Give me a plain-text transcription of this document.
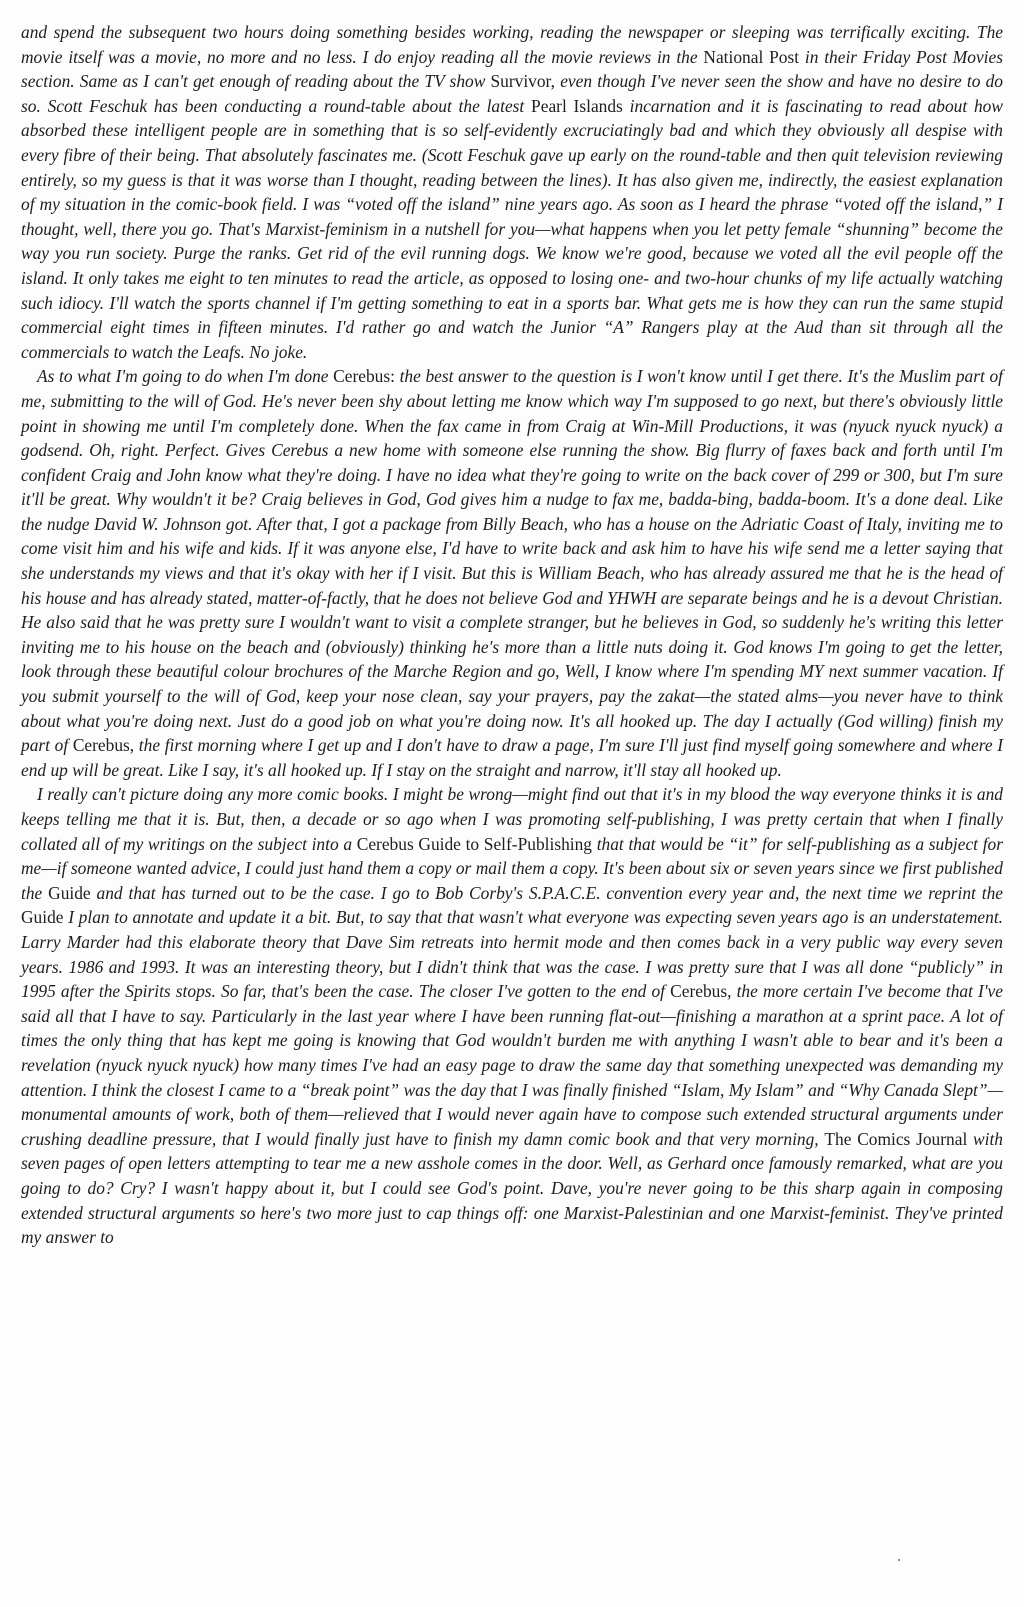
and spend the subsequent two hours doing something besides working, reading the newspaper or sleeping was terrifically exciting. The movie itself was a movie, no more and no less. I do enjoy reading all the movie reviews in the National Post in their Friday Post Movies section. Same as I can't get enough of reading about the TV show Survivor, even though I've never seen the show and have no desire to do so. Scott Feschuk has been conducting a round-table about the latest Pearl Islands incarnation and it is fascinating to read about how absorbed these intelligent people are in something that is so self-evidently excruciatingly bad and which they obviously all despise with every fibre of their being. That absolutely fascinates me. (Scott Feschuk gave up early on the round-table and then quit television reviewing entirely, so my guess is that it was worse than I thought, reading between the lines). It has also given me, indirectly, the easiest explanation of my situation in the comic-book field. I was “voted off the island” nine years ago. As soon as I heard the phrase “voted off the island,” I thought, well, there you go. That's Marxist-feminism in a nutshell for you—what happens when you let petty female “shunning” become the way you run society. Purge the ranks. Get rid of the evil running dogs. We know we're good, because we voted all the evil people off the island. It only takes me eight to ten minutes to read the article, as opposed to losing one- and two-hour chunks of my life actually watching such idiocy. I'll watch the sports channel if I'm getting something to eat in a sports bar. What gets me is how they can run the same stupid commercial eight times in fifteen minutes. I'd rather go and watch the Junior “A” Rangers play at the Aud than sit through all the commercials to watch the Leafs. No joke.

As to what I'm going to do when I'm done Cerebus: the best answer to the question is I won't know until I get there. It's the Muslim part of me, submitting to the will of God. He's never been shy about letting me know which way I'm supposed to go next, but there's obviously little point in showing me until I'm completely done. When the fax came in from Craig at Win-Mill Productions, it was (nyuck nyuck nyuck) a godsend. Oh, right. Perfect. Gives Cerebus a new home with someone else running the show. Big flurry of faxes back and forth until I'm confident Craig and John know what they're doing. I have no idea what they're going to write on the back cover of 299 or 300, but I'm sure it'll be great. Why wouldn't it be? Craig believes in God, God gives him a nudge to fax me, badda-bing, badda-boom. It's a done deal. Like the nudge David W. Johnson got. After that, I got a package from Billy Beach, who has a house on the Adriatic Coast of Italy, inviting me to come visit him and his wife and kids. If it was anyone else, I'd have to write back and ask him to have his wife send me a letter saying that she understands my views and that it's okay with her if I visit. But this is William Beach, who has already assured me that he is the head of his house and has already stated, matter-of-factly, that he does not believe God and YHWH are separate beings and he is a devout Christian. He also said that he was pretty sure I wouldn't want to visit a complete stranger, but he believes in God, so suddenly he's writing this letter inviting me to his house on the beach and (obviously) thinking he's more than a little nuts doing it. God knows I'm going to get the letter, look through these beautiful colour brochures of the Marche Region and go, Well, I know where I'm spending MY next summer vacation. If you submit yourself to the will of God, keep your nose clean, say your prayers, pay the zakat—the stated alms—you never have to think about what you're doing next. Just do a good job on what you're doing now. It's all hooked up. The day I actually (God willing) finish my part of Cerebus, the first morning where I get up and I don't have to draw a page, I'm sure I'll just find myself going somewhere and where I end up will be great. Like I say, it's all hooked up. If I stay on the straight and narrow, it'll stay all hooked up.

I really can't picture doing any more comic books. I might be wrong—might find out that it's in my blood the way everyone thinks it is and keeps telling me that it is. But, then, a decade or so ago when I was promoting self-publishing, I was pretty certain that when I finally collated all of my writings on the subject into a Cerebus Guide to Self-Publishing that that would be “it” for self-publishing as a subject for me—if someone wanted advice, I could just hand them a copy or mail them a copy. It's been about six or seven years since we first published the Guide and that has turned out to be the case. I go to Bob Corby's S.P.A.C.E. convention every year and, the next time we reprint the Guide I plan to annotate and update it a bit. But, to say that that wasn't what everyone was expecting seven years ago is an understatement. Larry Marder had this elaborate theory that Dave Sim retreats into hermit mode and then comes back in a very public way every seven years. 1986 and 1993. It was an interesting theory, but I didn't think that was the case. I was pretty sure that I was all done “publicly” in 1995 after the Spirits stops. So far, that's been the case. The closer I've gotten to the end of Cerebus, the more certain I've become that I've said all that I have to say. Particularly in the last year where I have been running flat-out—finishing a marathon at a sprint pace. A lot of times the only thing that has kept me going is knowing that God wouldn't burden me with anything I wasn't able to bear and it's been a revelation (nyuck nyuck nyuck) how many times I've had an easy page to draw the same day that something unexpected was demanding my attention. I think the closest I came to a “break point” was the day that I was finally finished “Islam, My Islam” and “Why Canada Slept”—monumental amounts of work, both of them—relieved that I would never again have to compose such extended structural arguments under crushing deadline pressure, that I would finally just have to finish my damn comic book and that very morning, The Comics Journal with seven pages of open letters attempting to tear me a new asshole comes in the door. Well, as Gerhard once famously remarked, what are you going to do? Cry? I wasn't happy about it, but I could see God's point. Dave, you're never going to be this sharp again in composing extended structural arguments so here's two more just to cap things off: one Marxist-Palestinian and one Marxist-feminist. They've printed my answer to
